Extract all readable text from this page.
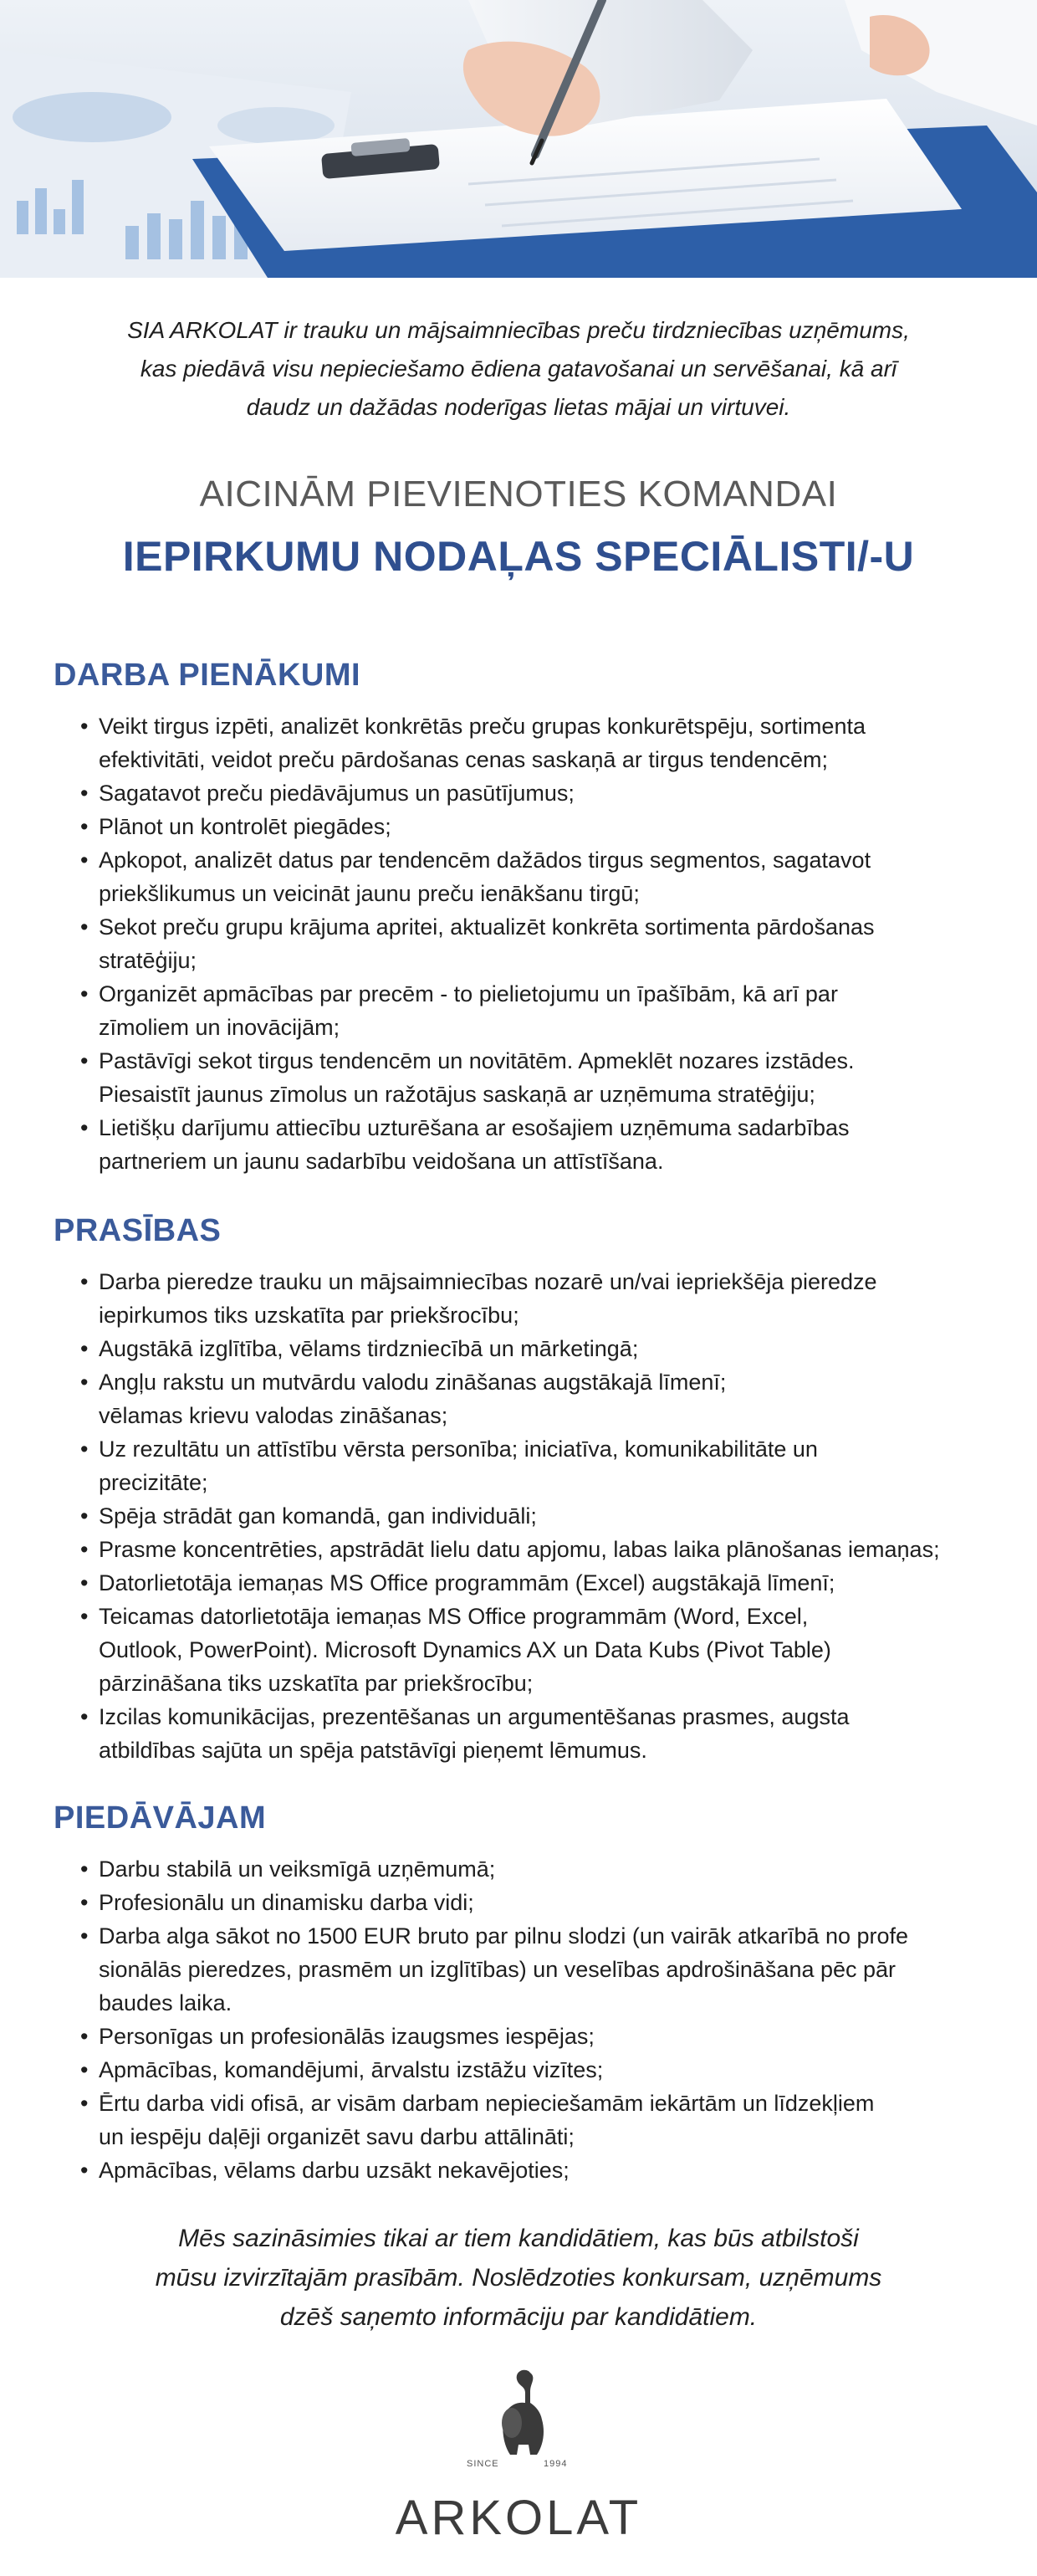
SIA ARKOLAT ir trauku un mājsaimniecības preču tirdzniecības uzņēmums,

kas piedāvā visu nepieciešamo ēdiena gatavošanai un servēšanai, kā arī

daudz un dažādas noderīgas lietas mājai un virtuvei.

AICINĀM PIEVIENOTIES KOMANDAI
IEPIRKUMU NODAĻAS SPECIĀLISTI/-U
DARBA PIENĀKUMI
• Veikt tirgus izpēti, analizēt konkrētās preču grupas konkurētspēju, sortimenta
efektivitāti, veidot preču pārdošanas cenas saskaņā ar tirgus tendencēm;
• Sagatavot preču piedāvājumus un pasūtījumus;
• Plānot un kontrolēt piegādes;
• Apkopot, analizēt datus par tendencēm dažādos tirgus segmentos, sagatavot
priekšlikumus un veicināt jaunu preču ienākšanu tirgū;
• Sekot preču grupu krājuma apritei, aktualizēt konkrēta sortimenta pārdošanas
stratēģiju;
• Organizēt apmācības par precēm - to pielietojumu un īpašībām, kā arī par
zīmoliem un inovācijām;
• Pastāvīgi sekot tirgus tendencēm un novitātēm. Apmeklēt nozares izstādes.
Piesaistīt jaunus zīmolus un ražotājus saskaņā ar uzņēmuma stratēģiju;
• Lietišķu darījumu attiecību uzturēšana ar esošajiem uzņēmuma sadarbības
partneriem un jaunu sadarbību veidošana un attīstīšana.
PRASĪBAS
• Darba pieredze trauku un mājsaimniecības nozarē un/vai iepriekšēja pieredze
iepirkumos tiks uzskatīta par priekšrocību;
• Augstākā izglītība, vēlams tirdzniecībā un mārketingā;
• Angļu rakstu un mutvārdu valodu zināšanas augstākajā līmenī;
vēlamas krievu valodas zināšanas;
• Uz rezultātu un attīstību vērsta personība; iniciatīva, komunikabilitāte un
precizitāte;
• Spēja strādāt gan komandā, gan individuāli;
• Prasme koncentrēties, apstrādāt lielu datu apjomu, labas laika plānošanas iemaņas;
• Datorlietotāja iemaņas MS Office programmām (Excel) augstākajā līmenī;
• Teicamas datorlietotāja iemaņas MS Office programmām (Word, Excel,
Outlook, PowerPoint). Microsoft Dynamics AX un Data Kubs (Pivot Table)
pārzināšana tiks uzskatīta par priekšrocību;
• Izcilas komunikācijas, prezentēšanas un argumentēšanas prasmes, augsta
atbildības sajūta un spēja patstāvīgi pieņemt lēmumus.
PIEDĀVĀJAM
• Darbu stabilā un veiksmīgā uzņēmumā;
• Profesionālu un dinamisku darba vidi;
• Darba alga sākot no 1500 EUR bruto par pilnu slodzi (un vairāk atkarībā no profe
sionālās pieredzes, prasmēm un izglītības) un veselības apdrošināšana pēc pār
baudes laika.
• Personīgas un profesionālās izaugsmes iespējas;
• Apmācības, komandējumi, ārvalstu izstāžu vizītes;
• Ērtu darba vidi ofisā, ar visām darbam nepieciešamām iekārtām un līdzekļiem
un iespēju daļēji organizēt savu darbu attālināti;
• Apmācības, vēlams darbu uzsākt nekavējoties;

Mēs sazināsimies tikai ar tiem kandidātiem, kas būs atbilstoši

mūsu izvirzītajām prasībām. Noslēdzoties konkursam, uzņēmums

dzēš saņemto informāciju par kandidātiem.

SINCE	1994
ARKOLAT
